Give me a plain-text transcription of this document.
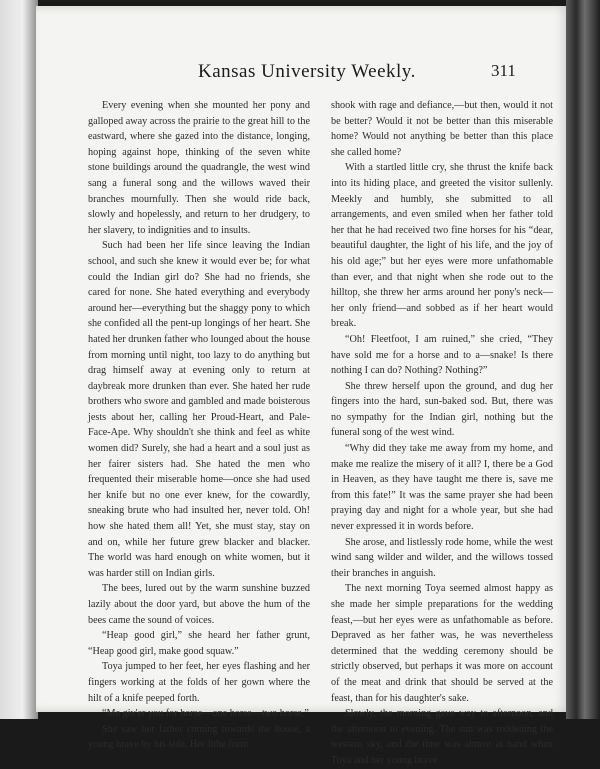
Kansas University Weekly.	311

Every evening when she mounted her pony and galloped away across the prairie to the great hill to the eastward, where she gazed into the distance, longing, hoping against hope, thinking of the seven white stone buildings around the quadrangle, the west wind sang a funeral song and the willows waved their branches mournfully. Then she would ride back, slowly and hopelessly, and return to her drudgery, to her slavery, to indignities and to insults.

Such had been her life since leaving the Indian school, and such she knew it would ever be; for what could the Indian girl do? She had no friends, she cared for none. She hated everything and everybody around her—everything but the shaggy pony to which she confided all the pent-up longings of her heart. She hated her drunken father who lounged about the house from morning until night, too lazy to do anything but drag himself away at evening only to return at daybreak more drunken than ever. She hated her rude brothers who swore and gambled and made boisterous jests about her, calling her Proud-Heart, and Pale-Face-Ape. Why shouldn't she think and feel as white women did? Surely, she had a heart and a soul just as her fairer sisters had. She hated the men who frequented their miserable home—once she had used her knife but no one ever knew, for the cowardly, sneaking brute who had insulted her, never told. Oh! how she hated them all! Yet, she must stay, stay on and on, while her future grew blacker and blacker. The world was hard enough on white women, but it was harder still on Indian girls.

The bees, lured out by the warm sunshine buzzed lazily about the door yard, but above the hum of the bees came the sound of voices.

“Heap good girl,” she heard her father grunt, “Heap good girl, make good squaw.”

Toya jumped to her feet, her eyes flashing and her fingers working at the folds of her gown where the hilt of a knife peeped forth.

“Me giv'er you for horse—one horse—two horse.”

She saw her father coming towards the house, a young brave by his side. Her lithe form

shook with rage and defiance,—but then, would it not be better? Would it not be better than this miserable home? Would not anything be better than this place she called home?

With a startled little cry, she thrust the knife back into its hiding place, and greeted the visitor sullenly. Meekly and humbly, she submitted to all arrangements, and even smiled when her father told her that he had received two fine horses for his “dear, beautiful daughter, the light of his life, and the joy of his old age;” but her eyes were more unfathomable than ever, and that night when she rode out to the hilltop, she threw her arms around her pony's neck—her only friend—and sobbed as if her heart would break.

“Oh! Fleetfoot, I am ruined,” she cried, “They have sold me for a horse and to a—snake! Is there nothing I can do? Nothing? Nothing?”

She threw herself upon the ground, and dug her fingers into the hard, sun-baked sod. But, there was no sympathy for the Indian girl, nothing but the funeral song of the west wind.

“Why did they take me away from my home, and make me realize the misery of it all? I, there be a God in Heaven, as they have taught me there is, save me from this fate!” It was the same prayer she had been praying day and night for a whole year, but she had never expressed it in words before.

She arose, and listlessly rode home, while the west wind sang wilder and wilder, and the willows tossed their branches in anguish.

The next morning Toya seemed almost happy as she made her simple preparations for the wedding feast,—but her eyes were as unfathomable as before. Depraved as her father was, he was nevertheless determined that the wedding ceremony should be strictly observed, but perhaps it was more on account of the meat and drink that should be served at the feast, than for his daughter's sake.

Slowly, the morning gave way to afternoon, and the afternoon to evening. The sun was reddening the western sky, and the time was almost at hand when Toya and her young brave
